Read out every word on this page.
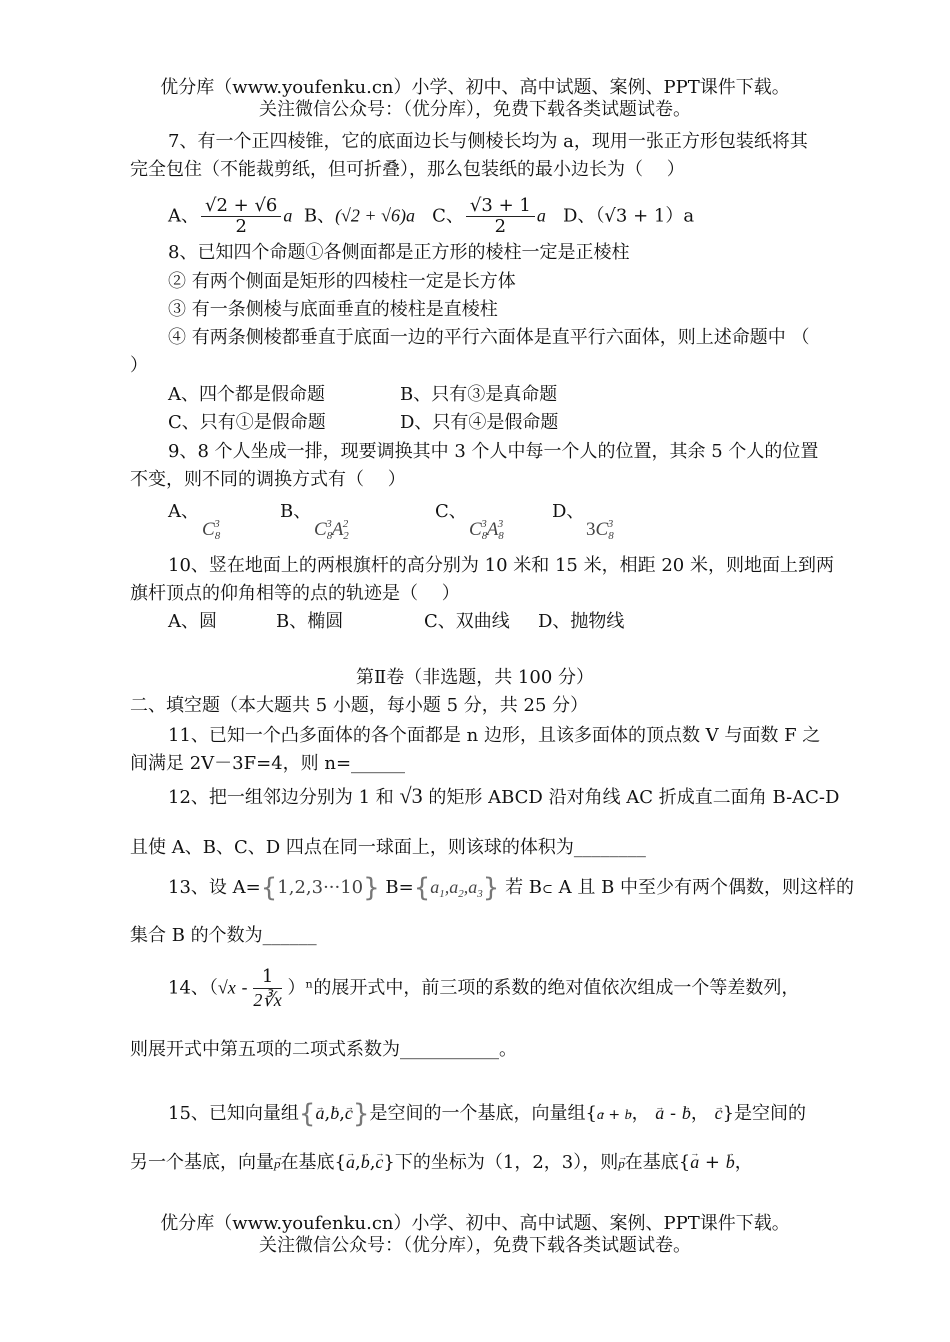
优分库（www.youfenku.cn）小学、初中、高中试题、案例、PPT课件下载。
关注微信公众号：（优分库），免费下载各类试题试卷。
7、有一个正四棱锥，它的底面边长与侧棱长均为 a，现用一张正方形包装纸将其
完全包住（不能裁剪纸，但可折叠），那么包装纸的最小边长为（　 ）
A、 $\frac{√2 + √6}{2}$ a B、(√2 + √6)a C、 $\frac{√3 + 1}{2}$ a D、（√3 + 1）a
8、已知四个命题①各侧面都是正方形的棱柱一定是正棱柱
② 有两个侧面是矩形的四棱柱一定是长方体
③ 有一条侧棱与底面垂直的棱柱是直棱柱
④ 有两条侧棱都垂直于底面一边的平行六面体是直平行六面体，则上述命题中 （
）
A、四个都是假命题	B、只有③是真命题
C、只有①是假命题	D、只有④是假命题
9、8 个人坐成一排，现要调换其中 3 个人中每一个人的位置，其余 5 个人的位置
不变，则不同的调换方式有（　 ）
A、
$C_8^3$
B、
$C_8^3A_2^2$
C、
$C_8^3A_8^3$
D、
$3C_8^3$
10、竖在地面上的两根旗杆的高分别为 10 米和 15 米，相距 20 米，则地面上到两
旗杆顶点的仰角相等的点的轨迹是（　 ）
A、圆	B、椭圆	C、双曲线 D、抛物线
第Ⅱ卷（非选题，共 100 分）
二、填空题（本大题共 5 小题，每小题 5 分，共 25 分）
11、已知一个凸多面体的各个面都是 n 边形，且该多面体的顶点数 V 与面数 F 之
间满足 2V－3F=4，则 n=______
12、把一组邻边分别为 1 和 √3 的矩形 ABCD 沿对角线 AC 折成直二面角 B-AC-D
且使 A、B、C、D 四点在同一球面上，则该球的体积为________
13、设 A={1,2,3···10} $B=\{a_1,a_2,a_3\}$ 若 B⊂ A 且 B 中至少有两个偶数，则这样的
集合 B 的个数为______
14、$(√x - \frac{1}{2∛x} )^n$的展开式中，前三项的系数的绝对值依次组成一个等差数列，
则展开式中第五项的二项式系数为___________。
15、已知向量组{→ a,→ b,→ c}是空间的一个基底，向量组{→ a + → b， → a - → b， → c}是空间的
另一个基底，向量→ p在基底{→ a,→ b,→ c}下的坐标为（1，2，3），则→ p在基底{→ a + → b，
优分库（www.youfenku.cn）小学、初中、高中试题、案例、PPT课件下载。
关注微信公众号：（优分库），免费下载各类试题试卷。
